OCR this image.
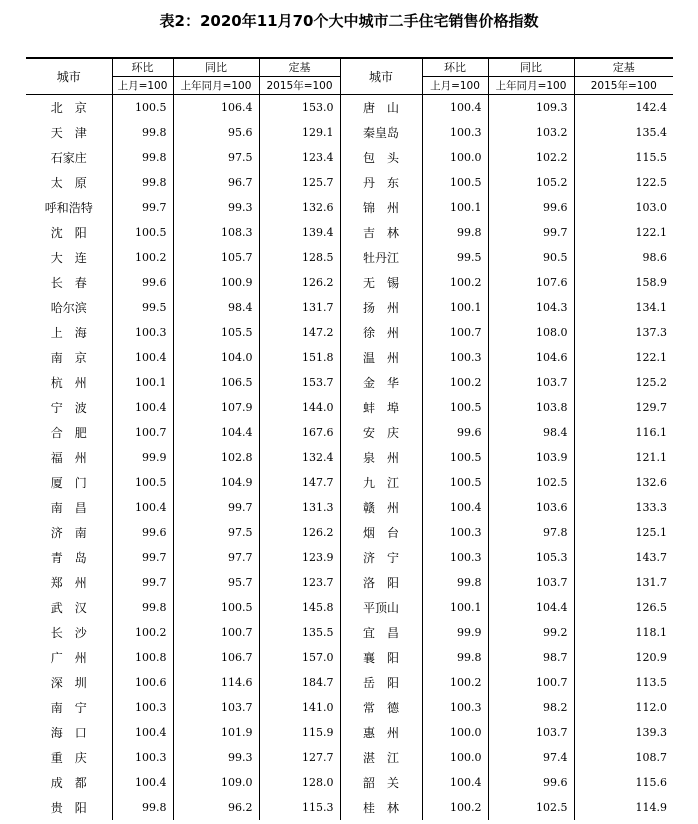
表2：2020年11月70个大中城市二手住宅销售价格指数
城市	环比	同比	定基	城市	环比	同比	定基
	上月=100	上年同月=100	2015年=100		上月=100	上年同月=100	2015年=100
北　京	100.5	106.4	153.0	唐　山	100.4	109.3	142.4
天　津	99.8	95.6	129.1	秦皇岛	100.3	103.2	135.4
石家庄	99.8	97.5	123.4	包　头	100.0	102.2	115.5
太　原	99.8	96.7	125.7	丹　东	100.5	105.2	122.5
呼和浩特	99.7	99.3	132.6	锦　州	100.1	99.6	103.0
沈　阳	100.5	108.3	139.4	吉　林	99.8	99.7	122.1
大　连	100.2	105.7	128.5	牡丹江	99.5	90.5	98.6
长　春	99.6	100.9	126.2	无　锡	100.2	107.6	158.9
哈尔滨	99.5	98.4	131.7	扬　州	100.1	104.3	134.1
上　海	100.3	105.5	147.2	徐　州	100.7	108.0	137.3
南　京	100.4	104.0	151.8	温　州	100.3	104.6	122.1
杭　州	100.1	106.5	153.7	金　华	100.2	103.7	125.2
宁　波	100.4	107.9	144.0	蚌　埠	100.5	103.8	129.7
合　肥	100.7	104.4	167.6	安　庆	99.6	98.4	116.1
福　州	99.9	102.8	132.4	泉　州	100.5	103.9	121.1
厦　门	100.5	104.9	147.7	九　江	100.5	102.5	132.6
南　昌	100.4	99.7	131.3	赣　州	100.4	103.6	133.3
济　南	99.6	97.5	126.2	烟　台	100.3	97.8	125.1
青　岛	99.7	97.7	123.9	济　宁	100.3	105.3	143.7
郑　州	99.7	95.7	123.7	洛　阳	99.8	103.7	131.7
武　汉	99.8	100.5	145.8	平顶山	100.1	104.4	126.5
长　沙	100.2	100.7	135.5	宜　昌	99.9	99.2	118.1
广　州	100.8	106.7	157.0	襄　阳	99.8	98.7	120.9
深　圳	100.6	114.6	184.7	岳　阳	100.2	100.7	113.5
南　宁	100.3	103.7	141.0	常　德	100.3	98.2	112.0
海　口	100.4	101.9	115.9	惠　州	100.0	103.7	139.3
重　庆	100.3	99.3	127.7	湛　江	100.0	97.4	108.7
成　都	100.4	109.0	128.0	韶　关	100.4	99.6	115.6
贵　阳	99.8	96.2	115.3	桂　林	100.2	102.5	114.9
